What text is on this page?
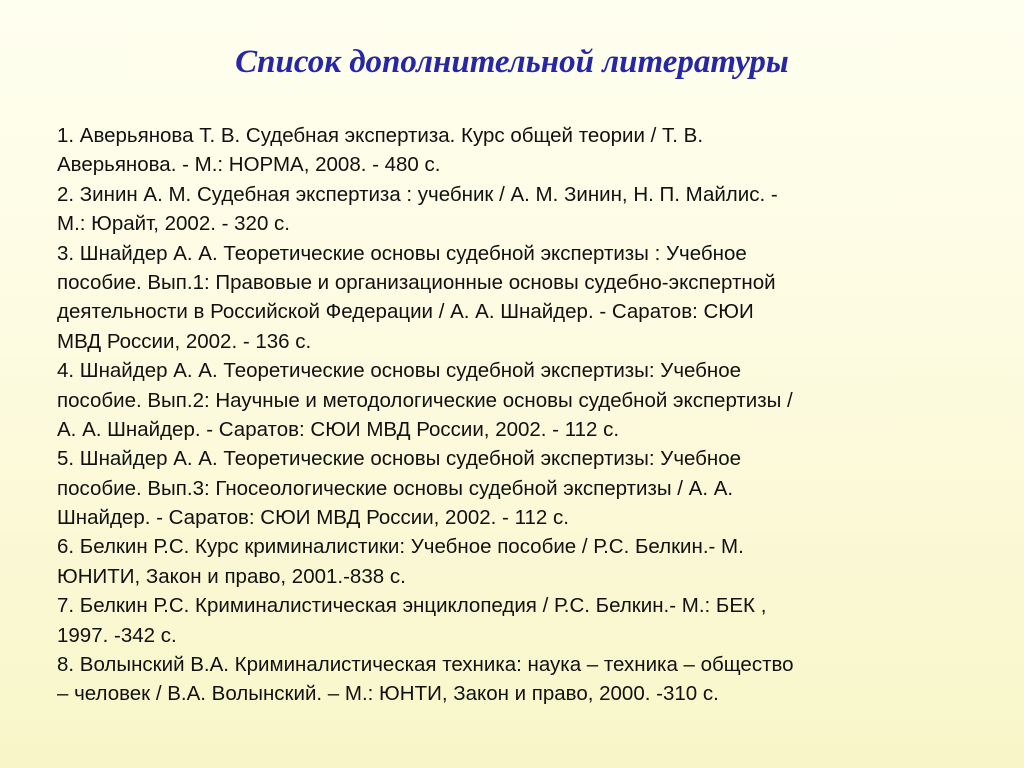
Список дополнительной литературы
1. Аверьянова Т. В. Судебная экспертиза. Курс общей теории / Т. В.
Аверьянова. - М.: НОРМА, 2008. - 480 с.
2. Зинин А. М. Судебная экспертиза : учебник / А. М. Зинин, Н. П. Майлис. -
М.: Юрайт, 2002. - 320 с.
3. Шнайдер А. А. Теоретические основы судебной экспертизы : Учебное
пособие. Вып.1: Правовые и организационные основы судебно-экспертной
деятельности в Российской Федерации / А. А. Шнайдер. - Саратов: СЮИ
МВД России, 2002. - 136 с.
4. Шнайдер А. А. Теоретические основы судебной экспертизы: Учебное
пособие. Вып.2: Научные и методологические основы судебной экспертизы /
А. А. Шнайдер. - Саратов: СЮИ МВД России, 2002. - 112 с.
5. Шнайдер А. А. Теоретические основы судебной экспертизы: Учебное
пособие. Вып.3: Гносеологические основы судебной экспертизы / А. А.
Шнайдер. - Саратов: СЮИ МВД России, 2002. - 112 с.
6. Белкин Р.С. Курс криминалистики: Учебное пособие / Р.С. Белкин.- М.
ЮНИТИ, Закон и право, 2001.-838 с.
7. Белкин Р.С. Криминалистическая энциклопедия / Р.С. Белкин.- М.: БЕК ,
1997. -342 с.
8. Волынский В.А. Криминалистическая техника: наука – техника – общество
– человек / В.А. Волынский. – М.: ЮНТИ, Закон и право, 2000. -310 с.
